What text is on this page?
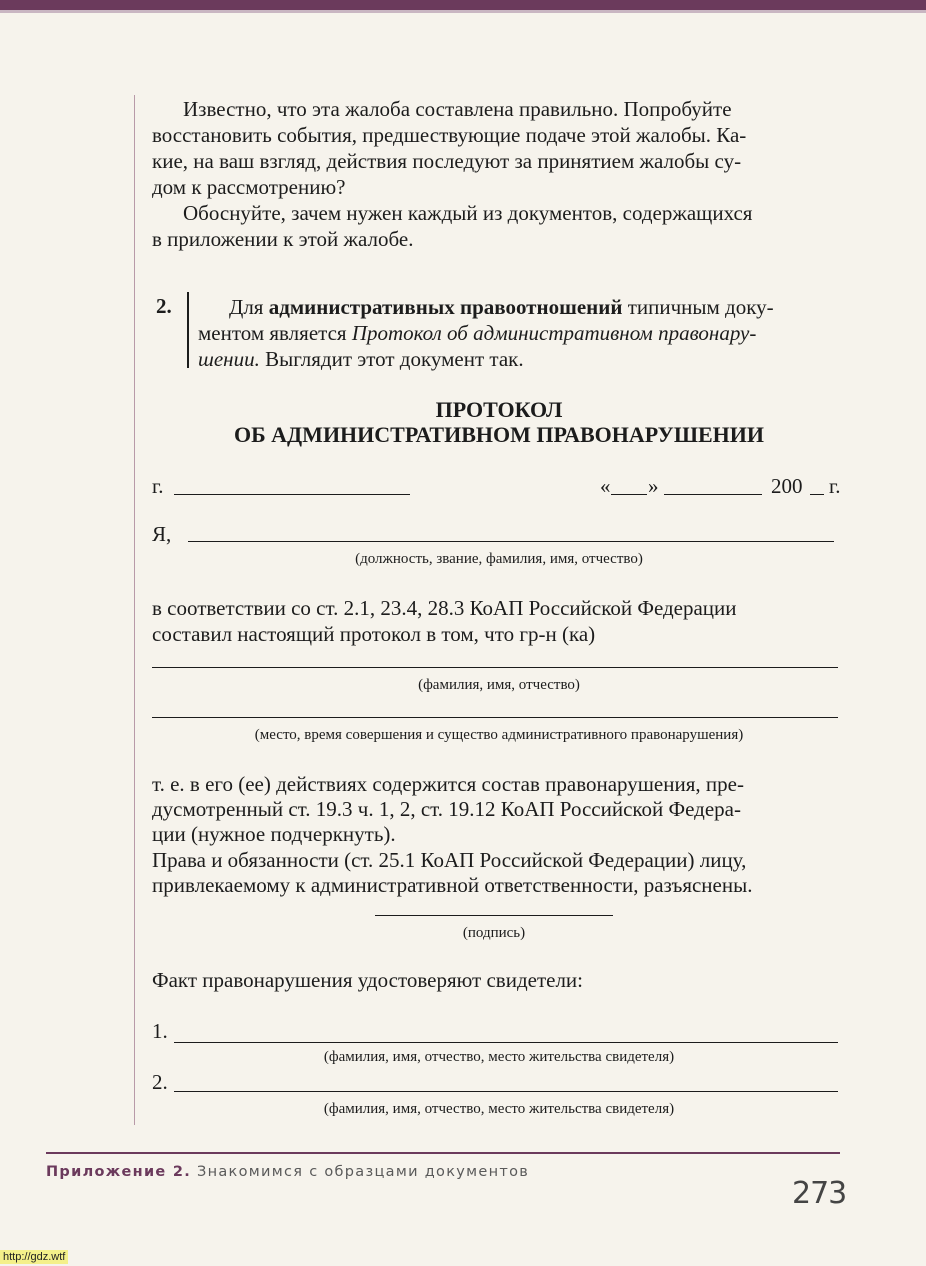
Известно, что эта жалоба составлена правильно. Попробуйте
восстановить события, предшествующие подаче этой жалобы. Ка-
кие, на ваш взгляд, действия последуют за принятием жалобы су-
дом к рассмотрению?

Обоснуйте, зачем нужен каждый из документов, содержащихся
в приложении к этой жалобе.

2.	Для административных правоотношений типичным доку-
ментом является Протокол об административном правонару-
шении. Выглядит этот документ так.

ПРОТОКОЛ
ОБ АДМИНИСТРАТИВНОМ ПРАВОНАРУШЕНИИ
г.	« »	200 г.
Я,
(должность, звание, фамилия, имя, отчество)
в соответствии со ст. 2.1, 23.4, 28.3 КоАП Российской Федерации
составил настоящий протокол в том, что гр-н (ка)
(фамилия, имя, отчество)
(место, время совершения и существо административного правонарушения)
т. е. в его (ее) действиях содержится состав правонарушения, пре-
дусмотренный ст. 19.3 ч. 1, 2, ст. 19.12 КоАП Российской Федера-
ции (нужное подчеркнуть).
Права и обязанности (ст. 25.1 КоАП Российской Федерации) лицу,
привлекаемому к административной ответственности, разъяснены.
(подпись)
Факт правонарушения удостоверяют свидетели:
1.
(фамилия, имя, отчество, место жительства свидетеля)
2.
(фамилия, имя, отчество, место жительства свидетеля)
Приложение 2. Знакомимся с образцами документов
273
http://gdz.wtf
